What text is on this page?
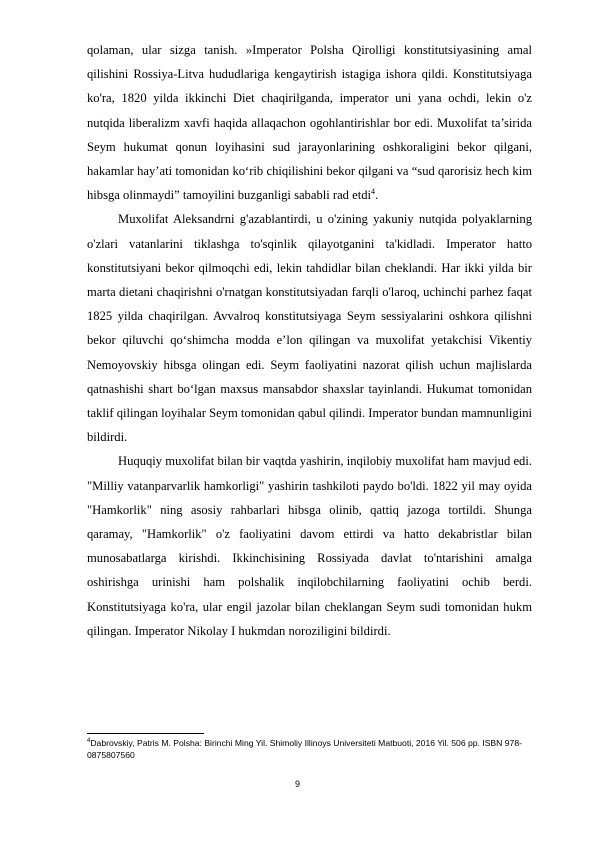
qolaman, ular sizga tanish. »Imperator Polsha Qirolligi konstitutsiyasining amal qilishini Rossiya-Litva hududlariga kengaytirish istagiga ishora qildi. Konstitutsiyaga ko'ra, 1820 yilda ikkinchi Diet chaqirilganda, imperator uni yana ochdi, lekin o'z nutqida liberalizm xavfi haqida allaqachon ogohlantirishlar bor edi. Muxolifat ta’sirida Seym hukumat qonun loyihasini sud jarayonlarining oshkoraligini bekor qilgani, hakamlar hay’ati tomonidan ko‘rib chiqilishini bekor qilgani va “sud qarorisiz hech kim hibsga olinmaydi” tamoyilini buzganligi sababli rad etdi$^4$.

Muxolifat Aleksandrni g'azablantirdi, u o'zining yakuniy nutqida polyaklarning o'zlari vatanlarini tiklashga to'sqinlik qilayotganini ta'kidladi. Imperator hatto konstitutsiyani bekor qilmoqchi edi, lekin tahdidlar bilan cheklandi. Har ikki yilda bir marta dietani chaqirishni o'rnatgan konstitutsiyadan farqli o'laroq, uchinchi parhez faqat 1825 yilda chaqirilgan. Avvalroq konstitutsiyaga Seym sessiyalarini oshkora qilishni bekor qiluvchi qo‘shimcha modda e’lon qilingan va muxolifat yetakchisi Vikentiy Nemoyovskiy hibsga olingan edi. Seym faoliyatini nazorat qilish uchun majlislarda qatnashishi shart bo‘lgan maxsus mansabdor shaxslar tayinlandi. Hukumat tomonidan taklif qilingan loyihalar Seym tomonidan qabul qilindi. Imperator bundan mamnunligini bildirdi.

Huquqiy muxolifat bilan bir vaqtda yashirin, inqilobiy muxolifat ham mavjud edi. "Milliy vatanparvarlik hamkorligi" yashirin tashkiloti paydo bo'ldi. 1822 yil may oyida "Hamkorlik" ning asosiy rahbarlari hibsga olinib, qattiq jazoga tortildi. Shunga qaramay, "Hamkorlik" o'z faoliyatini davom ettirdi va hatto dekabristlar bilan munosabatlarga kirishdi. Ikkinchisining Rossiyada davlat to'ntarishini amalga oshirishga urinishi ham polshalik inqilobchilarning faoliyatini ochib berdi. Konstitutsiyaga ko'ra, ular engil jazolar bilan cheklangan Seym sudi tomonidan hukm qilingan. Imperator Nikolay I hukmdan noroziligini bildirdi.

$^4$Dabrovskiy, Patris M. Polsha: Birinchi Ming Yil. Shimoliy Illinoys Universiteti Matbuoti, 2016 Yil. 506 pp. ISBN 978-0875807560
9
